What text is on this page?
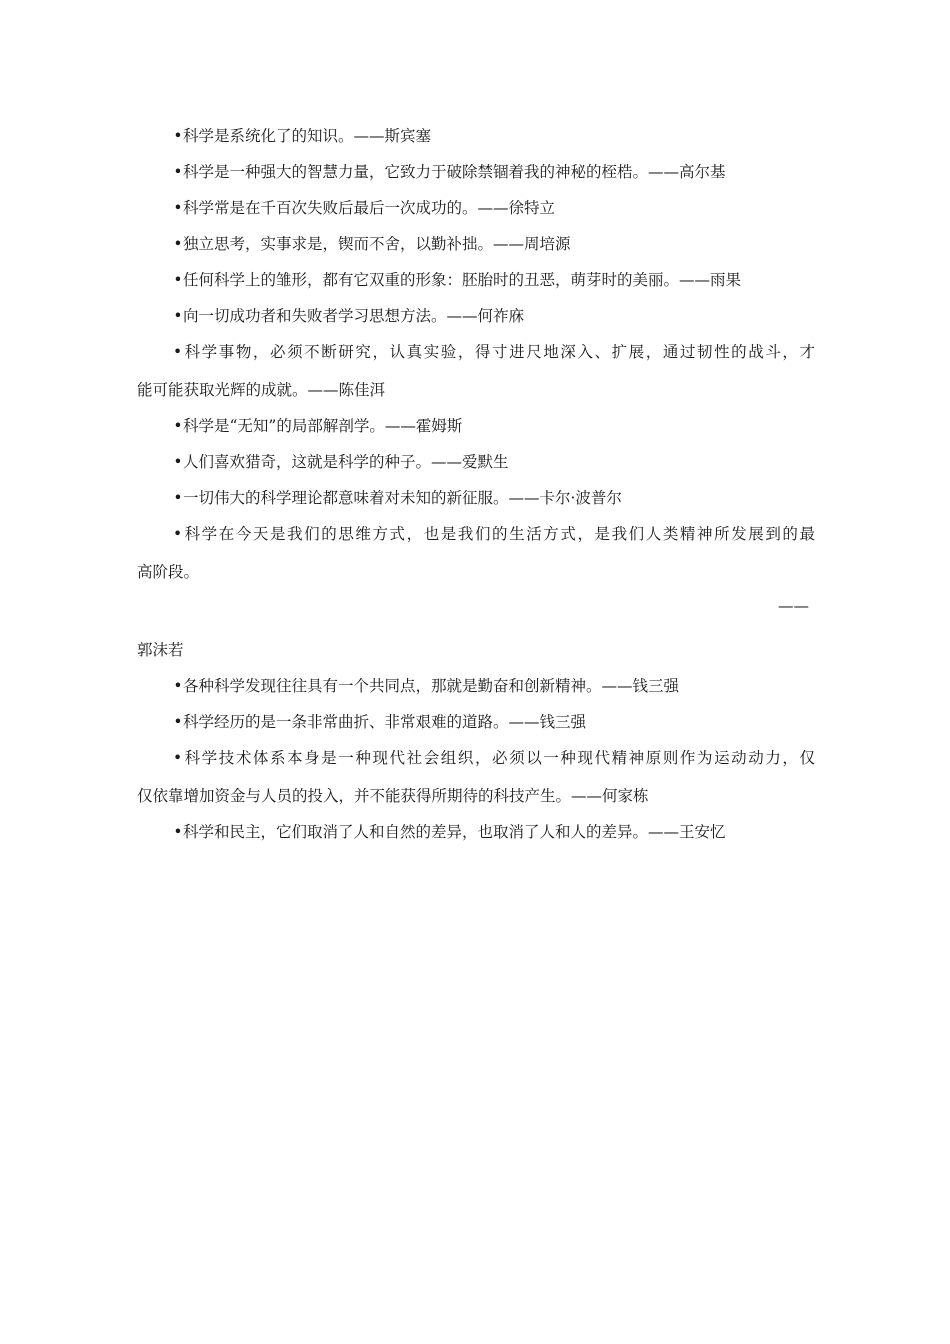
•科学是系统化了的知识。——斯宾塞

•科学是一种强大的智慧力量，它致力于破除禁锢着我的神秘的桎梏。——高尔基

•科学常是在千百次失败后最后一次成功的。——徐特立

•独立思考，实事求是，锲而不舍，以勤补拙。——周培源

•任何科学上的雏形，都有它双重的形象：胚胎时的丑恶，萌芽时的美丽。——雨果

•向一切成功者和失败者学习思想方法。——何祚庥

•科学事物，必须不断研究，认真实验，得寸进尺地深入、扩展，通过韧性的战斗，才

能可能获取光辉的成就。——陈佳洱

•科学是“无知”的局部解剖学。——霍姆斯

•人们喜欢猎奇，这就是科学的种子。——爱默生

•一切伟大的科学理论都意味着对未知的新征服。——卡尔·波普尔

•科学在今天是我们的思维方式，也是我们的生活方式，是我们人类精神所发展到的最

高阶段。

——

郭沫若

•各种科学发现往往具有一个共同点，那就是勤奋和创新精神。——钱三强

•科学经历的是一条非常曲折、非常艰难的道路。——钱三强

•科学技术体系本身是一种现代社会组织，必须以一种现代精神原则作为运动动力，仅

仅依靠增加资金与人员的投入，并不能获得所期待的科技产生。——何家栋

•科学和民主，它们取消了人和自然的差异，也取消了人和人的差异。——王安忆
